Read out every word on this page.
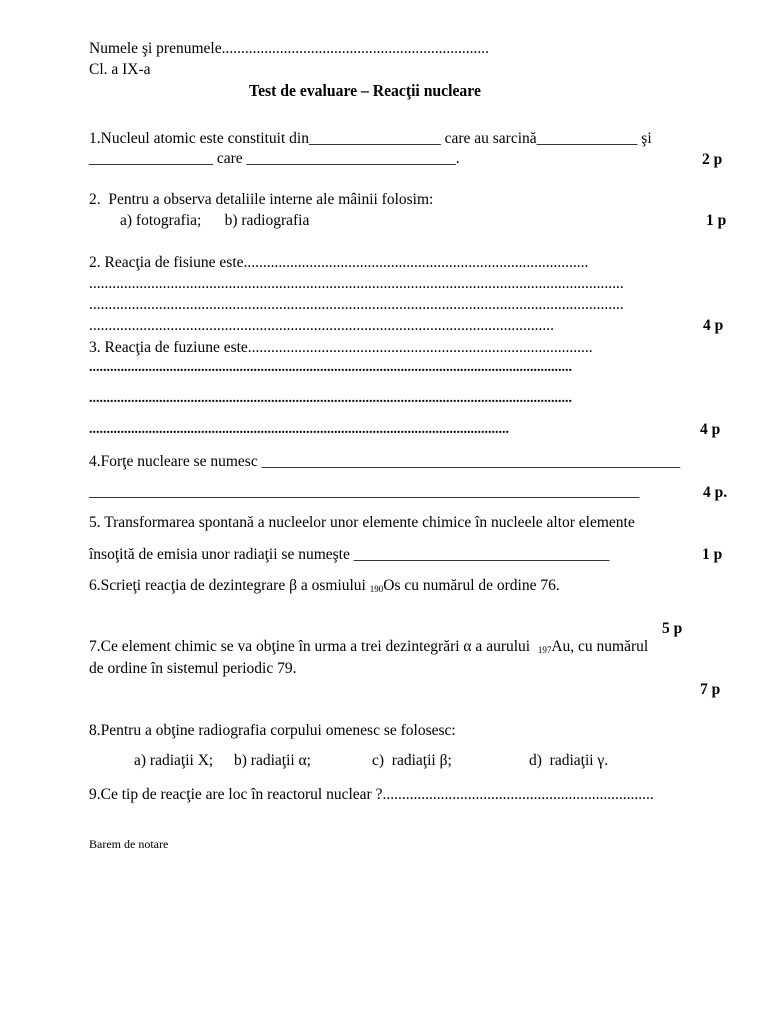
Numele şi prenumele.....................................................................
Cl. a IX-a
Test de evaluare – Reacţii nucleare
1.Nucleul atomic este constituit din_________________ care au sarcină_____________ şi
________________ care ___________________________.	2 p
2.  Pentru a observa detaliile interne ale mâinii folosim:
a) fotografia;      b) radiografia	1 p
2. Reacţia de fisiune este.........................................................................................
..........................................................................................................................................
..........................................................................................................................................
........................................................................................................................	4 p
3. Reacţia de fuziune este.........................................................................................
..........................................................................................................................................
..........................................................................................................................................
........................................................................................................................	4 p
4.Forţe nucleare se numesc ______________________________________________________
_______________________________________________________________________	4 p.
5. Transformarea spontană a nucleelor unor elemente chimice în nucleele altor elemente
însoţită de emisia unor radiaţii se numeşte _________________________________	1 p
6.Scrieţi reacţia de dezintegrare β a osmiului $_{190}$Os cu numărul de ordine 76.
5 p
7.Ce element chimic se va obţine în urma a trei dezintegrări α a aurului  $_{197}$Au, cu numărul
de ordine în sistemul periodic 79.
7 p
8.Pentru a obţine radiografia corpului omenesc se folosesc:
a) radiaţii X; b) radiaţii α;	c)  radiaţii β;	d)  radiaţii γ.
9.Ce tip de reacţie are loc în reactorul nuclear ?......................................................................
Barem de notare
